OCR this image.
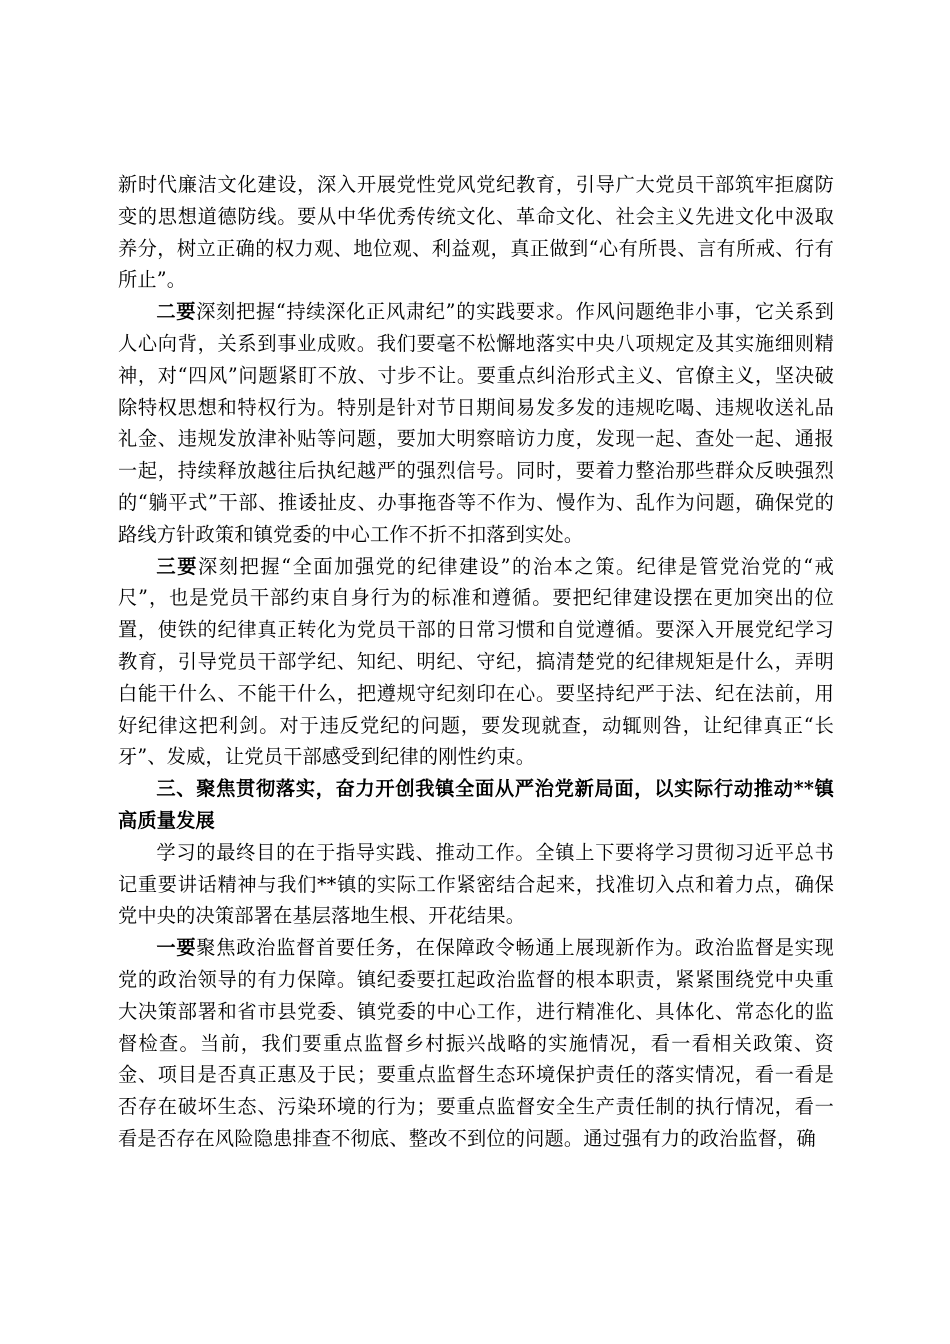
新时代廉洁文化建设，深入开展党性党风党纪教育，引导广大党员干部筑牢拒腐防变的思想道德防线。要从中华优秀传统文化、革命文化、社会主义先进文化中汲取养分，树立正确的权力观、地位观、利益观，真正做到“心有所畏、言有所戒、行有所止”。

二要深刻把握“持续深化正风肃纪”的实践要求。作风问题绝非小事，它关系到人心向背，关系到事业成败。我们要毫不松懈地落实中央八项规定及其实施细则精神，对“四风”问题紧盯不放、寸步不让。要重点纠治形式主义、官僚主义，坚决破除特权思想和特权行为。特别是针对节日期间易发多发的违规吃喝、违规收送礼品礼金、违规发放津补贴等问题，要加大明察暗访力度，发现一起、查处一起、通报一起，持续释放越往后执纪越严的强烈信号。同时，要着力整治那些群众反映强烈的“躺平式”干部、推诿扯皮、办事拖沓等不作为、慢作为、乱作为问题，确保党的路线方针政策和镇党委的中心工作不折不扣落到实处。

三要深刻把握“全面加强党的纪律建设”的治本之策。纪律是管党治党的“戒尺”，也是党员干部约束自身行为的标准和遵循。要把纪律建设摆在更加突出的位置，使铁的纪律真正转化为党员干部的日常习惯和自觉遵循。要深入开展党纪学习教育，引导党员干部学纪、知纪、明纪、守纪，搞清楚党的纪律规矩是什么，弄明白能干什么、不能干什么，把遵规守纪刻印在心。要坚持纪严于法、纪在法前，用好纪律这把利剑。对于违反党纪的问题，要发现就查，动辄则咎，让纪律真正“长牙”、发威，让党员干部感受到纪律的刚性约束。

三、聚焦贯彻落实，奋力开创我镇全面从严治党新局面，以实际行动推动**镇高质量发展

学习的最终目的在于指导实践、推动工作。全镇上下要将学习贯彻习近平总书记重要讲话精神与我们**镇的实际工作紧密结合起来，找准切入点和着力点，确保党中央的决策部署在基层落地生根、开花结果。

一要聚焦政治监督首要任务，在保障政令畅通上展现新作为。政治监督是实现党的政治领导的有力保障。镇纪委要扛起政治监督的根本职责，紧紧围绕党中央重大决策部署和省市县党委、镇党委的中心工作，进行精准化、具体化、常态化的监督检查。当前，我们要重点监督乡村振兴战略的实施情况，看一看相关政策、资金、项目是否真正惠及于民；要重点监督生态环境保护责任的落实情况，看一看是否存在破坏生态、污染环境的行为；要重点监督安全生产责任制的执行情况，看一看是否存在风险隐患排查不彻底、整改不到位的问题。通过强有力的政治监督，确
